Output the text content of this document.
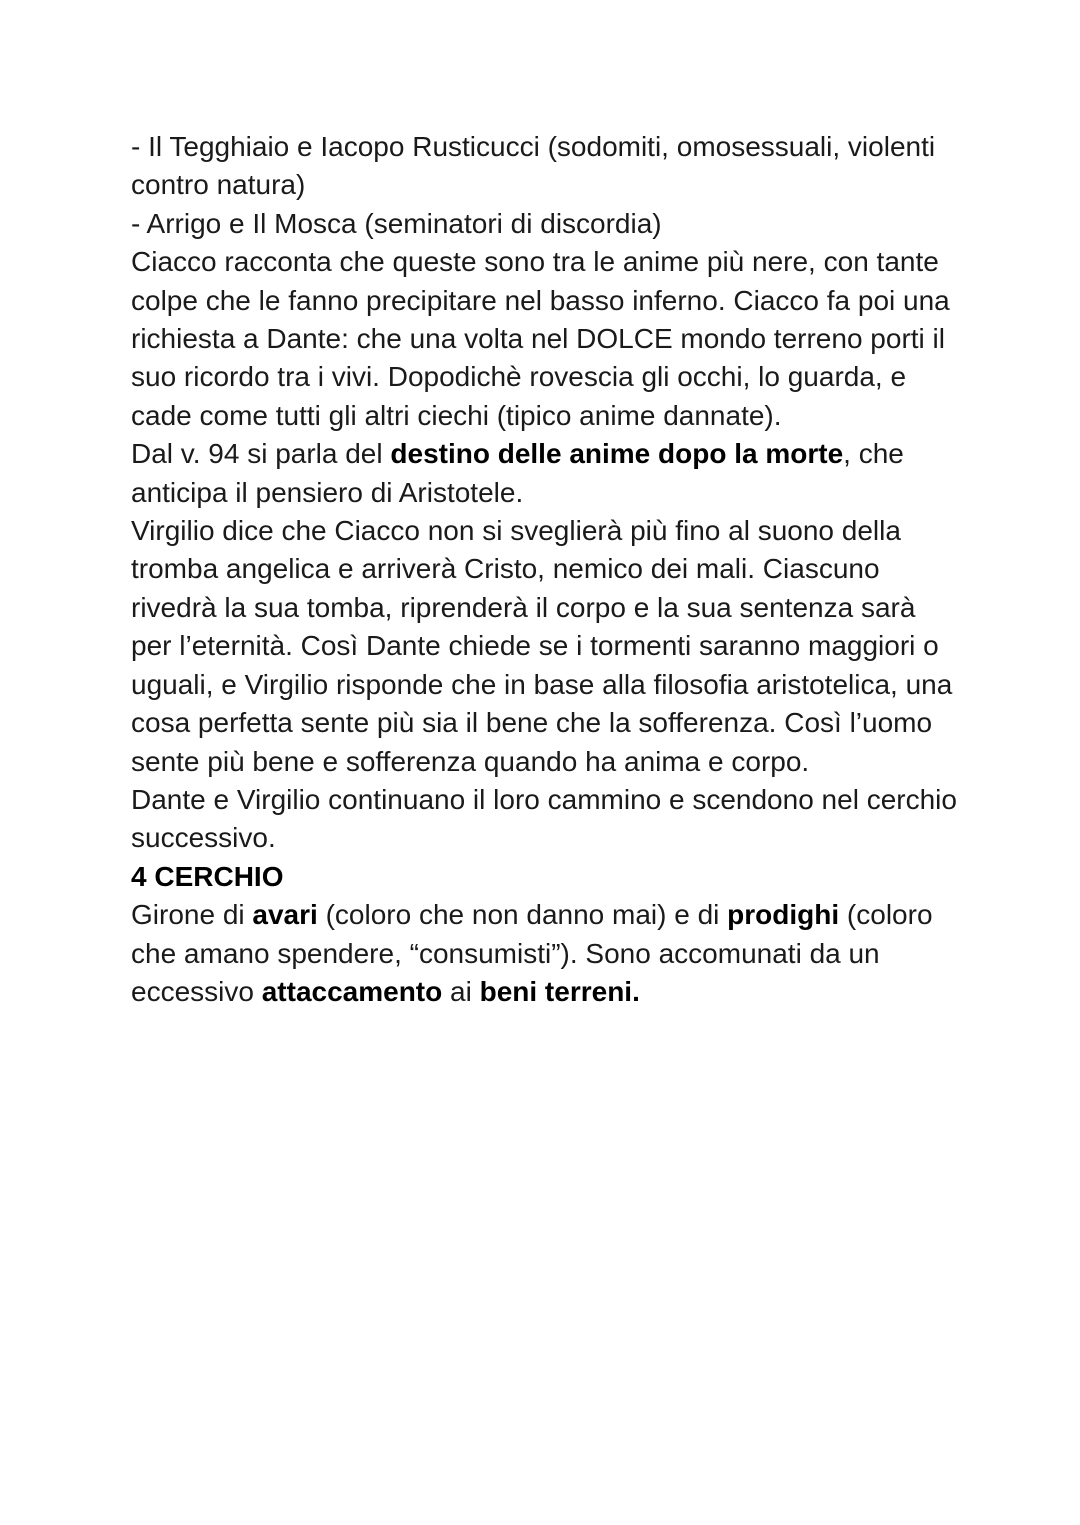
- Il Tegghiaio e Iacopo Rusticucci (sodomiti, omosessuali, violenti contro natura)

- Arrigo e Il Mosca (seminatori di discordia)

Ciacco racconta che queste sono tra le anime più nere, con tante colpe che le fanno precipitare nel basso inferno. Ciacco fa poi una richiesta a Dante: che una volta nel DOLCE mondo terreno porti il suo ricordo tra i vivi. Dopodichè rovescia gli occhi, lo guarda, e cade come tutti gli altri ciechi (tipico anime dannate).

Dal v. 94 si parla del destino delle anime dopo la morte, che anticipa il pensiero di Aristotele.

Virgilio dice che Ciacco non si sveglierà più fino al suono della tromba angelica e arriverà Cristo, nemico dei mali. Ciascuno rivedrà la sua tomba, riprenderà il corpo e la sua sentenza sarà per l’eternità. Così Dante chiede se i tormenti saranno maggiori o uguali, e Virgilio risponde che in base alla filosofia aristotelica, una cosa perfetta sente più sia il bene che la sofferenza. Così l’uomo sente più bene e sofferenza quando ha anima e corpo.

Dante e Virgilio continuano il loro cammino e scendono nel cerchio successivo.

4 CERCHIO

Girone di avari (coloro che non danno mai) e di prodighi (coloro che amano spendere, “consumisti”). Sono accomunati da un eccessivo attaccamento ai beni terreni.
